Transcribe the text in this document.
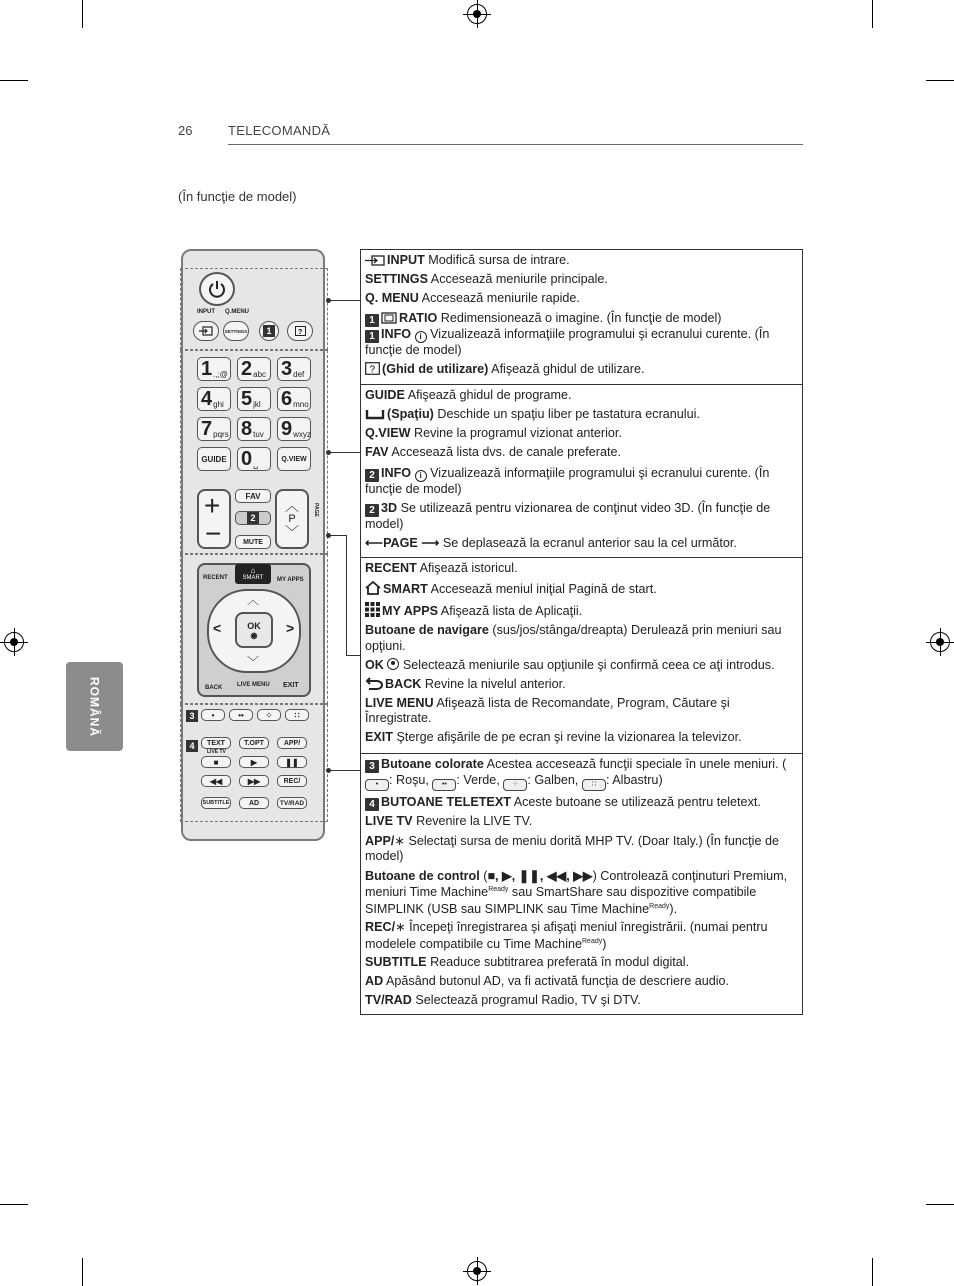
26	TELECOMANDĂ
(În funcţie de model)
ROMÂNĂ
INPUT Q.MENU
SETTINGS	1	?
1 .,;@ 2 abc 3 def
4 ghi 5 jkl 6 mno
7 pqrs 8 tuv 9 wxyz
GUIDE 0 ␣
Q.VIEW
+
−
FAV
2
MUTE
︿
P
﹀
PAGE
RECENT
⌂
SMART MY APPS
︿
﹀
<	>
OK
◉
BACK LIVE MENU EXIT
3	•	••	⁘	∷
4	TEXT	T.OPT	APP/
LIVE TV
■	▶	❚❚
◀◀	▶▶	REC/
SUBTITLE	AD	TV/RAD
INPUT Modifică sursa de intrare.
SETTINGS Accesează meniurile principale.
Q. MENU Accesează meniurile rapide.
1 RATIO Redimensionează o imagine. (În funcţie de model)
1 INFO i Vizualizează informaţiile programului şi ecranului curente. (În funcţie de model)
? (Ghid de utilizare) Afişează ghidul de utilizare.
GUIDE Afişează ghidul de programe.
(Spaţiu) Deschide un spaţiu liber pe tastatura ecranului.
Q.VIEW Revine la programul vizionat anterior.
FAV Accesează lista dvs. de canale preferate.
2 INFO i Vizualizează informaţiile programului şi ecranului curente. (În funcţie de model)
2 3D Se utilizează pentru vizionarea de conţinut video 3D. (În funcţie de model)
⟵PAGE ⟶ Se deplasează la ecranul anterior sau la cel următor.
RECENT Afişează istoricul.
SMART Accesează meniul iniţial Pagină de start.
MY APPS Afişează lista de Aplicaţii.
Butoane de navigare (sus/jos/stânga/dreapta) Derulează prin meniuri sau opţiuni.
OK
Selectează meniurile sau opţiunile şi confirmă ceea ce aţi introdus.
BACK Revine la nivelul anterior.
LIVE MENU Afişează lista de Recomandate, Program, Căutare şi Înregistrate.
EXIT Şterge afişările de pe ecran şi revine la vizionarea la televizor.
3 Butoane colorate Acestea accesează funcţii speciale în unele meniuri. (• : Roşu, •• : Verde, ⁘ : Galben, ∷ : Albastru)
4 BUTOANE TELETEXT Aceste butoane se utilizează pentru teletext.
LIVE TV Revenire la LIVE TV.
APP/∗ Selectaţi sursa de meniu dorită MHP TV. (Doar Italy.) (În funcţie de model)
Butoane de control (■, ▶, ❚❚, ◀◀, ▶▶) Controlează conţinuturi Premium, meniuri Time Machine$^{Ready}$ sau SmartShare sau dispozitive compatibile SIMPLINK (USB sau SIMPLINK sau Time Machine$^{Ready}$).
REC/∗ Începeţi înregistrarea şi afişaţi meniul înregistrării. (numai pentru modelele compatibile cu Time Machine$^{Ready}$)
SUBTITLE Readuce subtitrarea preferată în modul digital.
AD Apăsând butonul AD, va fi activată funcţia de descriere audio.
TV/RAD Selectează programul Radio, TV şi DTV.
